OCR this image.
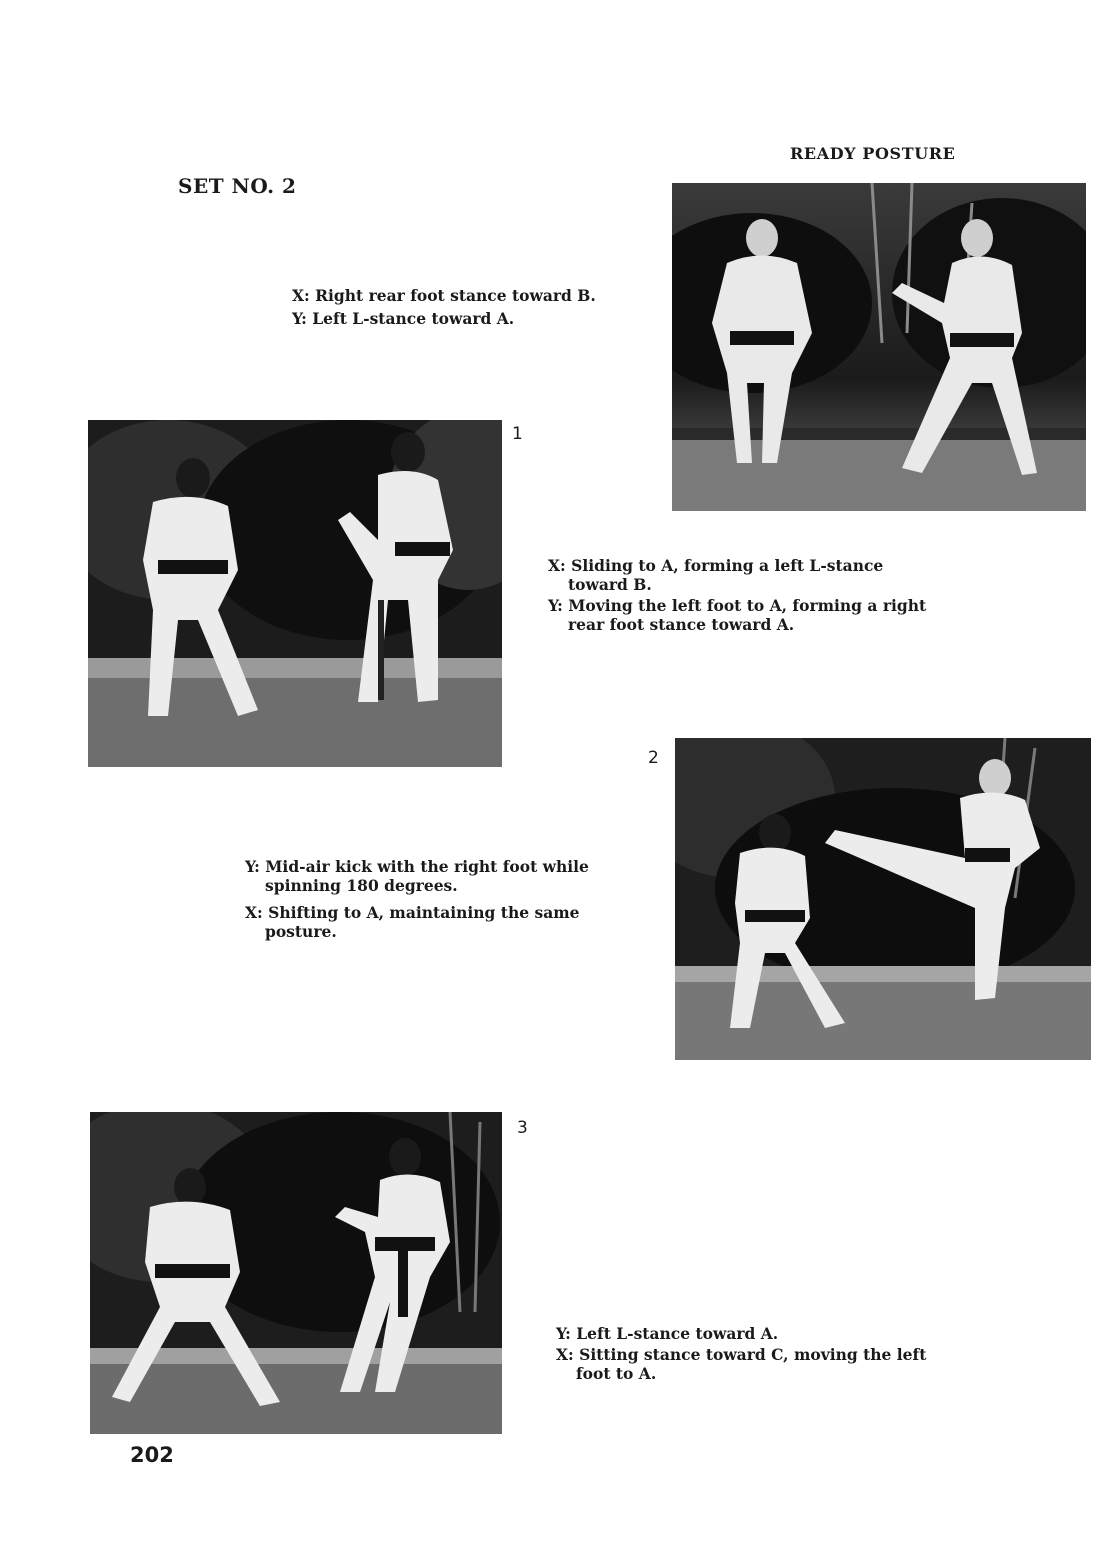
SET NO. 2
READY POSTURE
X: Right rear foot stance toward B.
Y: Left L-stance toward A.
1
X: Sliding to A, forming a left L-stance toward B.
Y: Moving the left foot to A, forming a right rear foot stance toward A.
2
Y: Mid-air kick with the right foot while spinning 180 degrees.
X: Shifting to A, maintaining the same posture.
3
Y: Left L-stance toward A.
X: Sitting stance toward C, moving the left foot to A.
202
